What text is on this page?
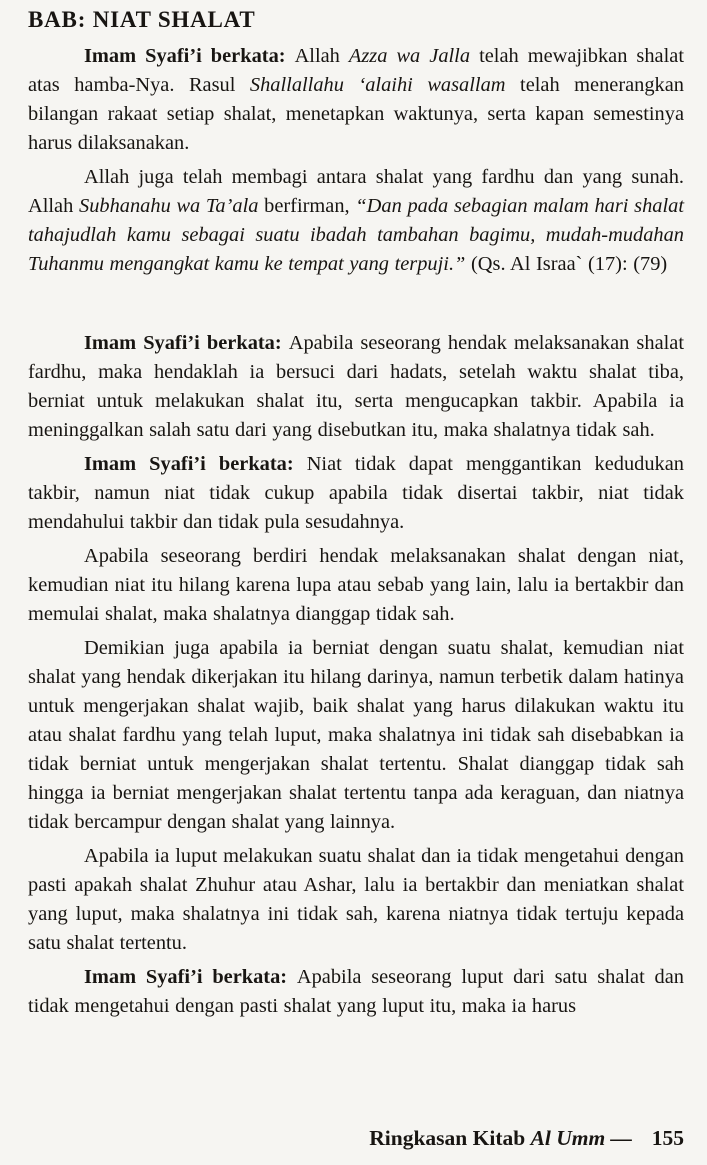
BAB: NIAT SHALAT

Imam Syafi’i berkata: Allah Azza wa Jalla telah mewajibkan shalat atas hamba-Nya. Rasul Shallallahu ‘alaihi wasallam telah menerangkan bilangan rakaat setiap shalat, menetapkan waktunya, serta kapan semestinya harus dilaksanakan.

Allah juga telah membagi antara shalat yang fardhu dan yang sunah. Allah Subhanahu wa Ta’ala berfirman, “Dan pada sebagian malam hari shalat tahajudlah kamu sebagai suatu ibadah tambahan bagimu, mudah-mudahan Tuhanmu mengangkat kamu ke tempat yang terpuji.” (Qs. Al Israa` (17): (79)

Imam Syafi’i berkata: Apabila seseorang hendak melaksanakan shalat fardhu, maka hendaklah ia bersuci dari hadats, setelah waktu shalat tiba, berniat untuk melakukan shalat itu, serta mengucapkan takbir. Apabila ia meninggalkan salah satu dari yang disebutkan itu, maka shalatnya tidak sah.

Imam Syafi’i berkata: Niat tidak dapat menggantikan kedudukan takbir, namun niat tidak cukup apabila tidak disertai takbir, niat tidak mendahului takbir dan tidak pula sesudahnya.

Apabila seseorang berdiri hendak melaksanakan shalat dengan niat, kemudian niat itu hilang karena lupa atau sebab yang lain, lalu ia bertakbir dan memulai shalat, maka shalatnya dianggap tidak sah.

Demikian juga apabila ia berniat dengan suatu shalat, kemudian niat shalat yang hendak dikerjakan itu hilang darinya, namun terbetik dalam hatinya untuk mengerjakan shalat wajib, baik shalat yang harus dilakukan waktu itu atau shalat fardhu yang telah luput, maka shalatnya ini tidak sah disebabkan ia tidak berniat untuk mengerjakan shalat tertentu. Shalat dianggap tidak sah hingga ia berniat mengerjakan shalat tertentu tanpa ada keraguan, dan niatnya tidak bercampur dengan shalat yang lainnya.

Apabila ia luput melakukan suatu shalat dan ia tidak mengetahui dengan pasti apakah shalat Zhuhur atau Ashar, lalu ia bertakbir dan meniatkan shalat yang luput, maka shalatnya ini tidak sah, karena niatnya tidak tertuju kepada satu shalat tertentu.

Imam Syafi’i berkata: Apabila seseorang luput dari satu shalat dan tidak mengetahui dengan pasti shalat yang luput itu, maka ia harus

Ringkasan Kitab Al Umm — 155
